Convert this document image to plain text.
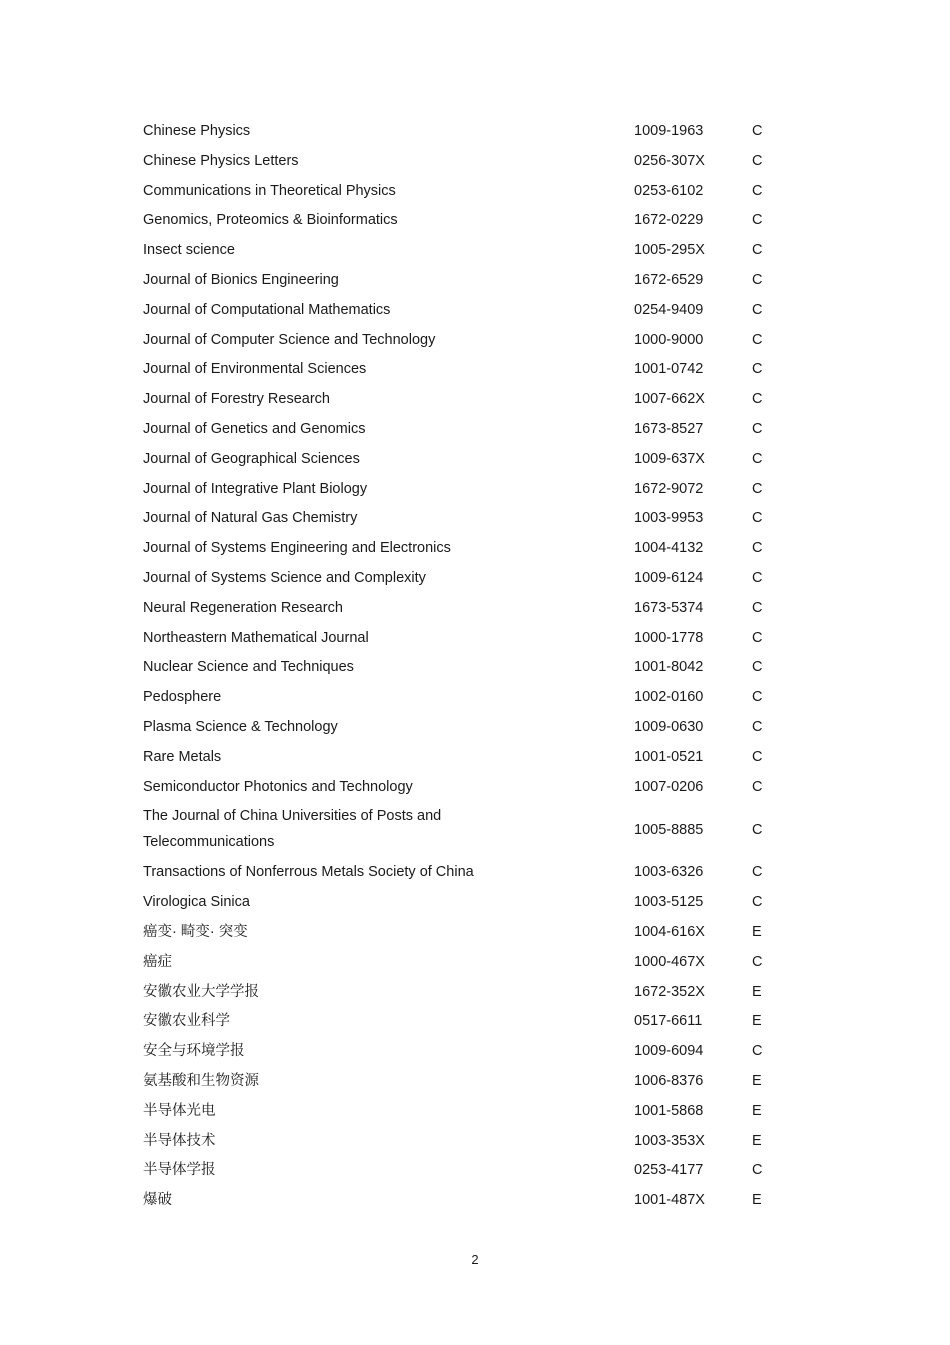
Chinese Physics	1009-1963	C
Chinese Physics Letters	0256-307X	C
Communications in Theoretical Physics	0253-6102	C
Genomics, Proteomics & Bioinformatics	1672-0229	C
Insect science	1005-295X	C
Journal of Bionics Engineering	1672-6529	C
Journal of Computational Mathematics	0254-9409	C
Journal of Computer Science and Technology	1000-9000	C
Journal of Environmental Sciences	1001-0742	C
Journal of Forestry Research	1007-662X	C
Journal of Genetics and Genomics	1673-8527	C
Journal of Geographical Sciences	1009-637X	C
Journal of Integrative Plant Biology	1672-9072	C
Journal of Natural Gas Chemistry	1003-9953	C
Journal of Systems Engineering and Electronics	1004-4132	C
Journal of Systems Science and Complexity	1009-6124	C
Neural Regeneration Research	1673-5374	C
Northeastern Mathematical Journal	1000-1778	C
Nuclear Science and Techniques	1001-8042	C
Pedosphere	1002-0160	C
Plasma Science & Technology	1009-0630	C
Rare Metals	1001-0521	C
Semiconductor Photonics and Technology	1007-0206	C
The Journal of China Universities of Posts and Telecommunications
1005-8885	C
Transactions of Nonferrous Metals Society of China	1003-6326	C
Virologica Sinica	1003-5125	C
癌变· 畸变· 突变	1004-616X	E
癌症	1000-467X	C
安徽农业大学学报	1672-352X	E
安徽农业科学	0517-6611	E
安全与环境学报	1009-6094	C
氨基酸和生物资源	1006-8376	E
半导体光电	1001-5868	E
半导体技术	1003-353X	E
半导体学报	0253-4177	C
爆破	1001-487X	E
2
